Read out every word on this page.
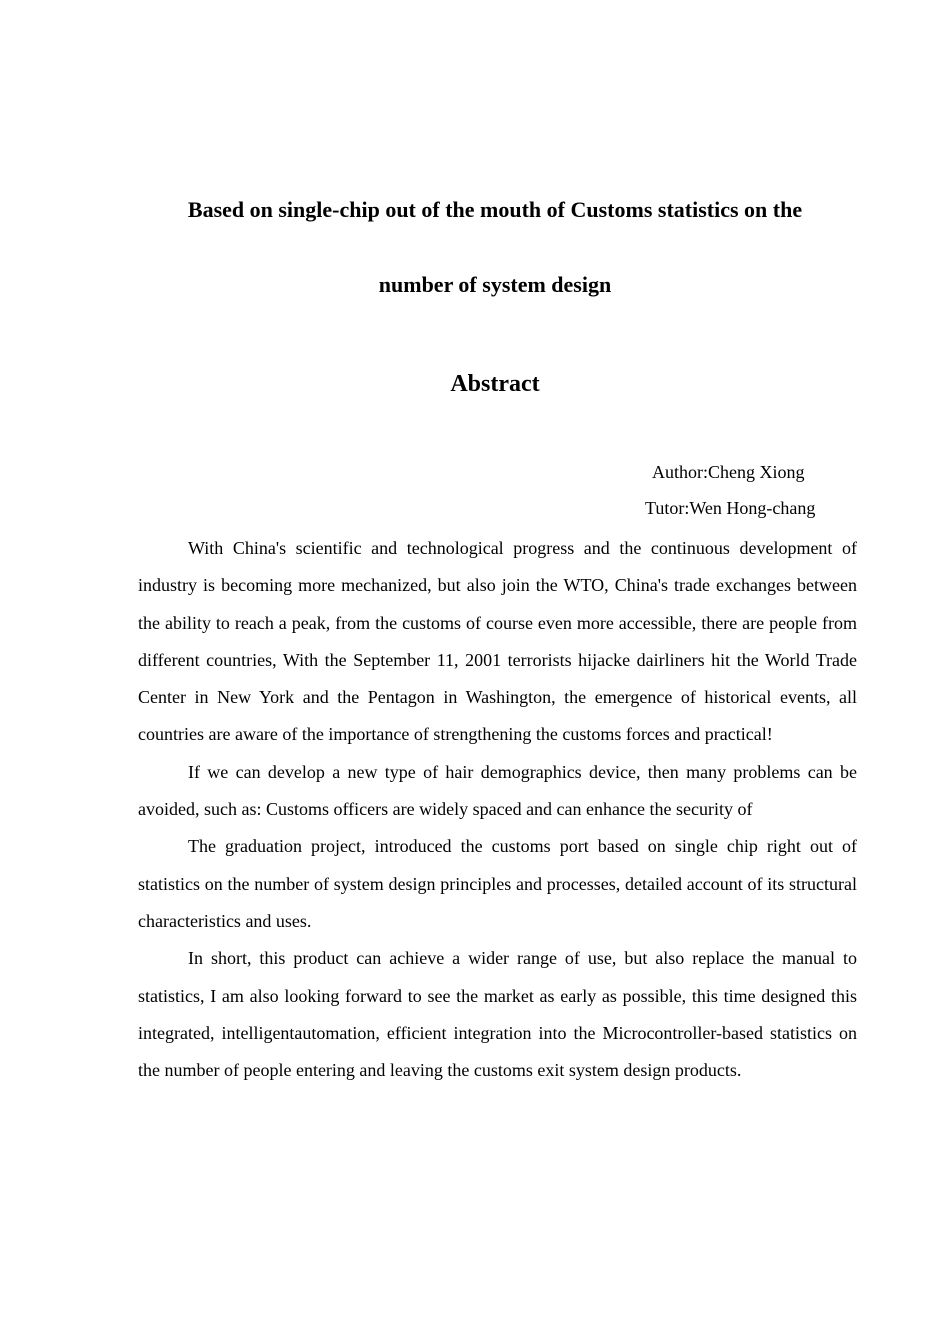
Based on single-chip out of the mouth of Customs statistics on the
number of system design
Abstract
Author:Cheng Xiong
Tutor:Wen Hong-chang

With China's scientific and technological progress and the continuous development of industry is becoming more mechanized, but also join the WTO, China's trade exchanges between the ability to reach a peak, from the customs of course even more accessible, there are people from different countries, With the September 11, 2001 terrorists hijacke dairliners hit the World Trade Center in New York and the Pentagon in Washington, the emergence of historical events, all countries are aware of the importance of strengthening the customs forces and practical!

If we can develop a new type of hair demographics device, then many problems can be avoided, such as: Customs officers are widely spaced and can enhance the security of

The graduation project, introduced the customs port based on single chip right out of statistics on the number of system design principles and processes, detailed account of its structural characteristics and uses.

In short, this product can achieve a wider range of use, but also replace the manual to statistics, I am also looking forward to see the market as early as possible, this time designed this integrated, intelligentautomation, efficient integration into the Microcontroller-based statistics on the number of people entering and leaving the customs exit system design products.
